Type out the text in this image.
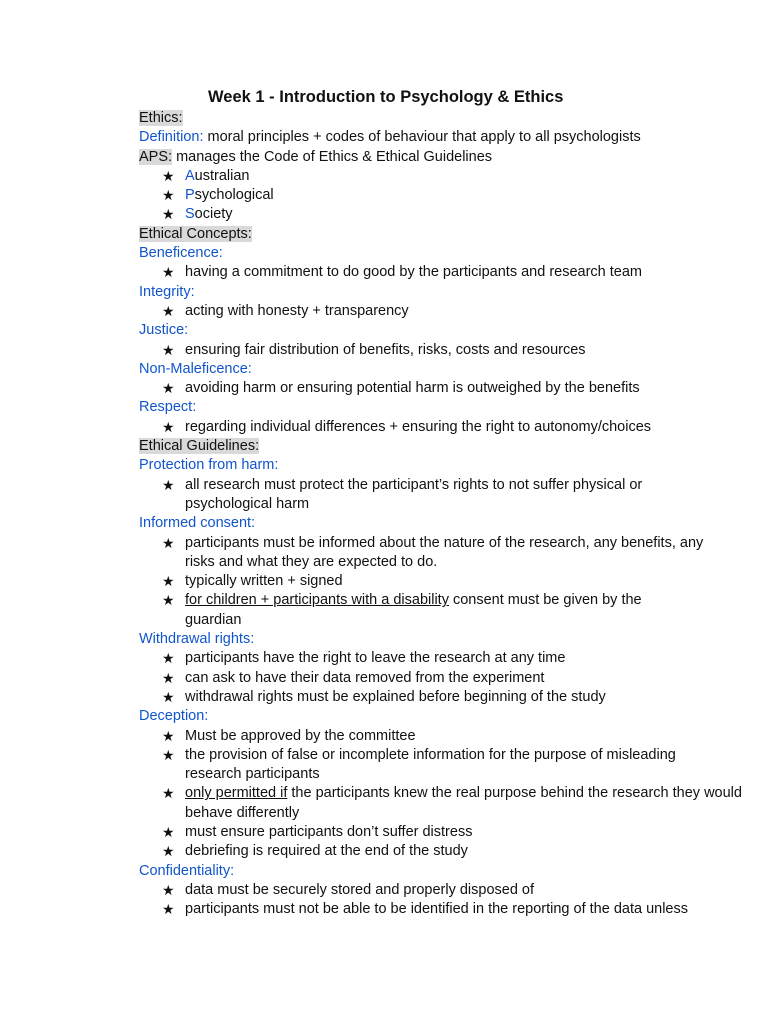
Week 1 - Introduction to Psychology & Ethics
Ethics:
Definition: moral principles + codes of behaviour that apply to all psychologists
APS: manages the Code of Ethics & Ethical Guidelines
★ Australian
★ Psychological
★ Society
Ethical Concepts:
Beneficence:
★ having a commitment to do good by the participants and research team
Integrity:
★ acting with honesty + transparency
Justice:
★ ensuring fair distribution of benefits, risks, costs and resources
Non-Maleficence:
★ avoiding harm or ensuring potential harm is outweighed by the benefits
Respect:
★ regarding individual differences + ensuring the right to autonomy/choices
Ethical Guidelines:
Protection from harm:
★ all research must protect the participant’s rights to not suffer physical or psychological harm
Informed consent:
★ participants must be informed about the nature of the research, any benefits, any risks and what they are expected to do.
★ typically written + signed
★ for children + participants with a disability consent must be given by the guardian
Withdrawal rights:
★ participants have the right to leave the research at any time
★ can ask to have their data removed from the experiment
★ withdrawal rights must be explained before beginning of the study
Deception:
★ Must be approved by the committee
★ the provision of false or incomplete information for the purpose of misleading research participants
★ only permitted if the participants knew the real purpose behind the research they would behave differently
★ must ensure participants don’t suffer distress
★ debriefing is required at the end of the study
Confidentiality:
★ data must be securely stored and properly disposed of
★ participants must not be able to be identified in the reporting of the data unless
